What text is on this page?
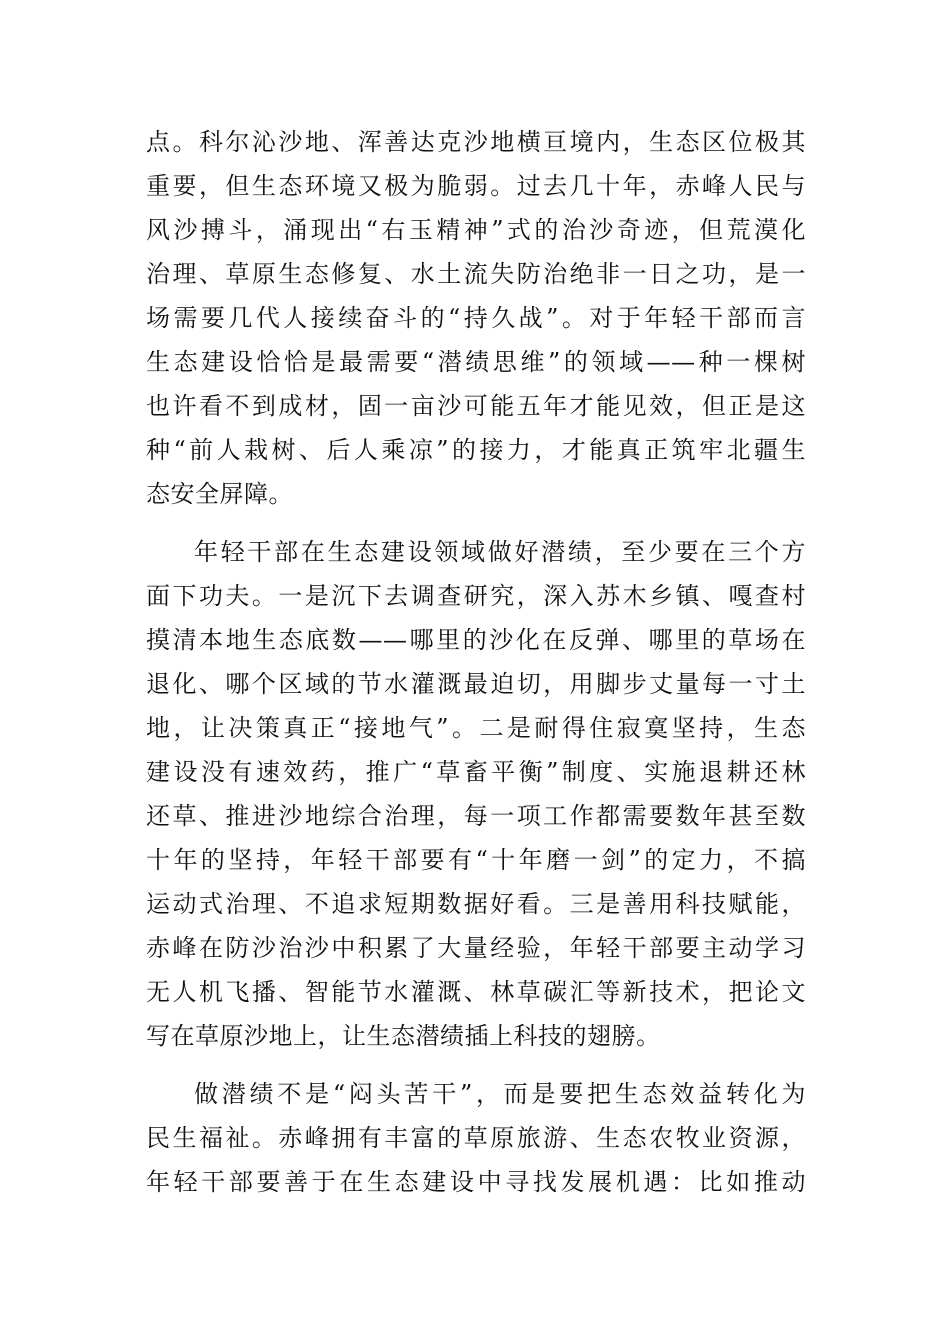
点。科尔沁沙地、浑善达克沙地横亘境内，生态区位极其
重要，但生态环境又极为脆弱。过去几十年，赤峰人民与
风沙搏斗，涌现出“右玉精神”式的治沙奇迹，但荒漠化
治理、草原生态修复、水土流失防治绝非一日之功，是一
场需要几代人接续奋斗的“持久战”。对于年轻干部而言
生态建设恰恰是最需要“潜绩思维”的领域——种一棵树
也许看不到成材，固一亩沙可能五年才能见效，但正是这
种“前人栽树、后人乘凉”的接力，才能真正筑牢北疆生
态安全屏障。
年轻干部在生态建设领域做好潜绩，至少要在三个方
面下功夫。一是沉下去调查研究，深入苏木乡镇、嘎查村
摸清本地生态底数——哪里的沙化在反弹、哪里的草场在
退化、哪个区域的节水灌溉最迫切，用脚步丈量每一寸土
地，让决策真正“接地气”。二是耐得住寂寞坚持，生态
建设没有速效药，推广“草畜平衡”制度、实施退耕还林
还草、推进沙地综合治理，每一项工作都需要数年甚至数
十年的坚持，年轻干部要有“十年磨一剑”的定力，不搞
运动式治理、不追求短期数据好看。三是善用科技赋能，
赤峰在防沙治沙中积累了大量经验，年轻干部要主动学习
无人机飞播、智能节水灌溉、林草碳汇等新技术，把论文
写在草原沙地上，让生态潜绩插上科技的翅膀。
做潜绩不是“闷头苦干”，而是要把生态效益转化为
民生福祉。赤峰拥有丰富的草原旅游、生态农牧业资源，
年轻干部要善于在生态建设中寻找发展机遇：比如推动
